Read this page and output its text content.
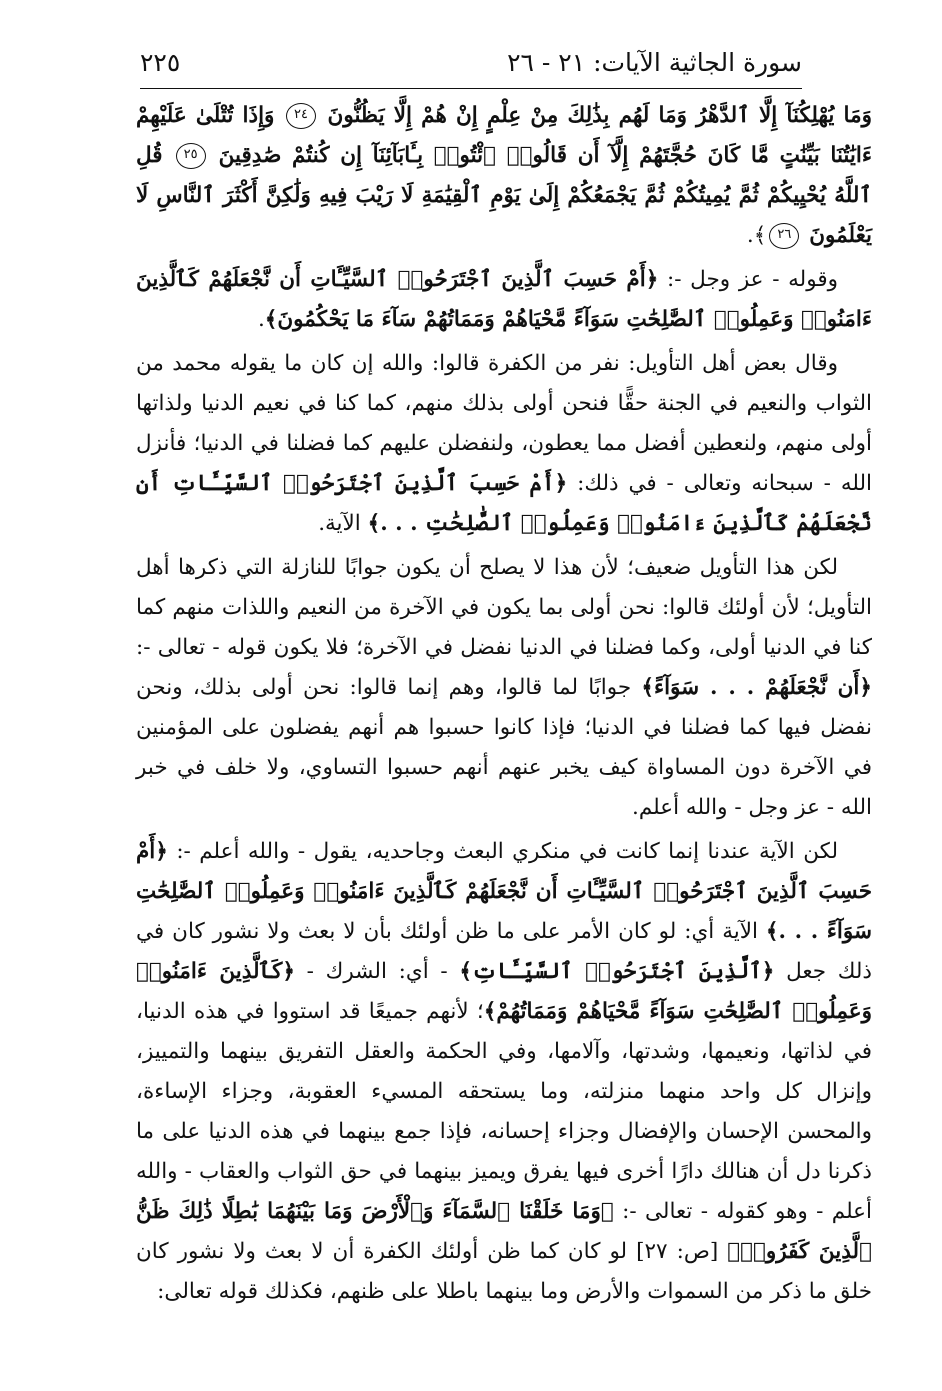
سورة الجاثية الآيات: ٢١ - ٢٦
٢٢٥

وَمَا يُهْلِكُنَآ إِلَّا ٱلدَّهْرُ وَمَا لَهُم بِذَٰلِكَ مِنْ عِلْمٍ إِنْ هُمْ إِلَّا يَظُنُّونَ ٢٤ وَإِذَا تُتْلَىٰ عَلَيْهِمْ ءَايَٰتُنَا بَيِّنَٰتٍ مَّا كَانَ حُجَّتَهُمْ إِلَّآ أَن قَالُوا۟ ٱئْتُوا۟ بِـَٔابَآئِنَآ إِن كُنتُمْ صَٰدِقِينَ ٢٥ قُلِ ٱللَّهُ يُحْيِيكُمْ ثُمَّ يُمِيتُكُمْ ثُمَّ يَجْمَعُكُمْ إِلَىٰ يَوْمِ ٱلْقِيَٰمَةِ لَا رَيْبَ فِيهِ وَلَٰكِنَّ أَكْثَرَ ٱلنَّاسِ لَا يَعْلَمُونَ ٢٦﴾.

وقوله - عز وجل -: ﴿أَمْ حَسِبَ ٱلَّذِينَ ٱجْتَرَحُوا۟ ٱلسَّيِّـَٔاتِ أَن نَّجْعَلَهُمْ كَٱلَّذِينَ ءَامَنُوا۟ وَعَمِلُوا۟ ٱلصَّٰلِحَٰتِ سَوَآءً مَّحْيَاهُمْ وَمَمَاتُهُمْ سَآءَ مَا يَحْكُمُونَ﴾.

وقال بعض أهل التأويل: نفر من الكفرة قالوا: والله إن كان ما يقوله محمد من الثواب والنعيم في الجنة حقًّا فنحن أولى بذلك منهم، كما كنا في نعيم الدنيا ولذاتها أولى منهم، ولنعطين أفضل مما يعطون، ولنفضلن عليهم كما فضلنا في الدنيا؛ فأنزل الله - سبحانه وتعالى - في ذلك: ﴿أَمْ حَسِبَ ٱلَّذِينَ ٱجْتَرَحُوا۟ ٱلسَّيِّـَٔاتِ أَن نَّجْعَلَهُمْ كَٱلَّذِينَ ءَامَنُوا۟ وَعَمِلُوا۟ ٱلصَّٰلِحَٰتِ . . .﴾ الآية.

لكن هذا التأويل ضعيف؛ لأن هذا لا يصلح أن يكون جوابًا للنازلة التي ذكرها أهل التأويل؛ لأن أولئك قالوا: نحن أولى بما يكون في الآخرة من النعيم واللذات منهم كما كنا في الدنيا أولى، وكما فضلنا في الدنيا نفضل في الآخرة؛ فلا يكون قوله - تعالى -: ﴿أَن نَّجْعَلَهُمْ . . . سَوَآءً﴾ جوابًا لما قالوا، وهم إنما قالوا: نحن أولى بذلك، ونحن نفضل فيها كما فضلنا في الدنيا؛ فإذا كانوا حسبوا هم أنهم يفضلون على المؤمنين في الآخرة دون المساواة كيف يخبر عنهم أنهم حسبوا التساوي، ولا خلف في خبر الله - عز وجل - والله أعلم.

لكن الآية عندنا إنما كانت في منكري البعث وجاحديه، يقول - والله أعلم -: ﴿أَمْ حَسِبَ ٱلَّذِينَ ٱجْتَرَحُوا۟ ٱلسَّيِّـَٔاتِ أَن نَّجْعَلَهُمْ كَٱلَّذِينَ ءَامَنُوا۟ وَعَمِلُوا۟ ٱلصَّٰلِحَٰتِ سَوَآءً . . .﴾ الآية أي: لو كان الأمر على ما ظن أولئك بأن لا بعث ولا نشور كان في ذلك جعل ﴿ٱلَّذِينَ ٱجْتَرَحُوا۟ ٱلسَّيِّـَٔاتِ﴾ - أي: الشرك - ﴿كَٱلَّذِينَ ءَامَنُوا۟ وَعَمِلُوا۟ ٱلصَّٰلِحَٰتِ سَوَآءً مَّحْيَاهُمْ وَمَمَاتُهُمْ﴾؛ لأنهم جميعًا قد استووا في هذه الدنيا، في لذاتها، ونعيمها، وشدتها، وآلامها، وفي الحكمة والعقل التفريق بينهما والتمييز، وإنزال كل واحد منهما منزلته، وما يستحقه المسيء العقوبة، وجزاء الإساءة، والمحسن الإحسان والإفضال وجزاء إحسانه، فإذا جمع بينهما في هذه الدنيا على ما ذكرنا دل أن هنالك دارًا أخرى فيها يفرق ويميز بينهما في حق الثواب والعقاب - والله أعلم - وهو كقوله - تعالى -: ﴿وَمَا خَلَقْنَا ٱلسَّمَآءَ وَٱلْأَرْضَ وَمَا بَيْنَهُمَا بَٰطِلًا ذَٰلِكَ ظَنُّ ٱلَّذِينَ كَفَرُوا۟﴾ [ص: ٢٧] لو كان كما ظن أولئك الكفرة أن لا بعث ولا نشور كان خلق ما ذكر من السموات والأرض وما بينهما باطلا على ظنهم، فكذلك قوله تعالى:
